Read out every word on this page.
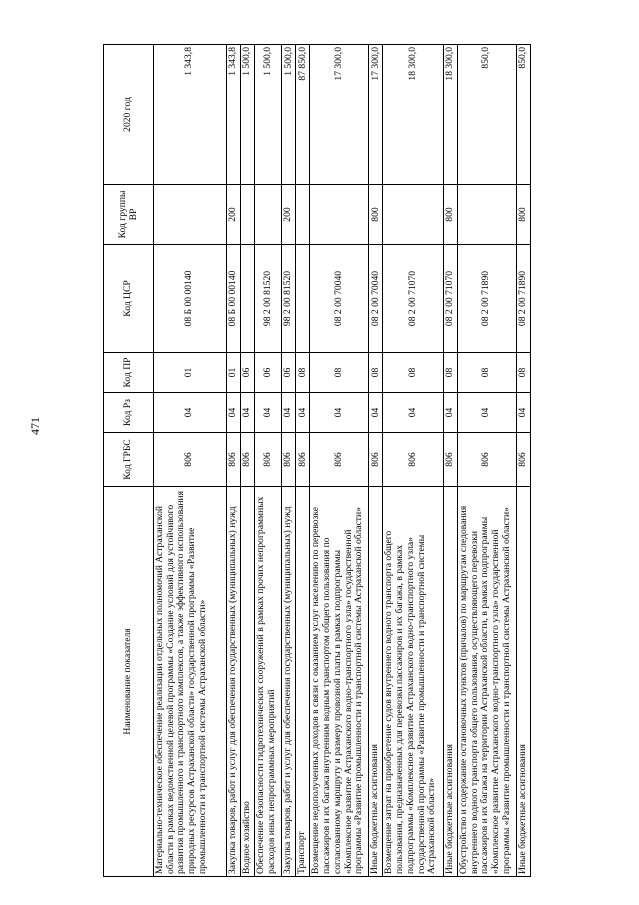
471
Наименование показателя	Код ГРБС	Код Рз	Код ПР	Код ЦСР	Код группы ВР	2020 год
Материально-техническое обеспечение реализации отдельных полномочий Астраханской области в рамках ведомственной целевой программы «Создание условий для устойчивого развития промышленного и транспортного комплексов, а также эффективного использования природных ресурсов Астраханской области» государственной программы «Развитие промышленности и транспортной системы Астраханской области»	806	04	01	08 Б 00 00140		1 343,8
Закупка товаров, работ и услуг для обеспечения государственных (муниципальных) нужд	806	04	01	08 Б 00 00140	200	1 343,8
Водное хозяйство	806	04	06			1 500,0
Обеспечение безопасности гидротехнических сооружений в рамках прочих непрограммных расходов иных непрограммных мероприятий	806	04	06	98 2 00 81520		1 500,0
Закупка товаров, работ и услуг для обеспечения государственных (муниципальных) нужд	806	04	06	98 2 00 81520	200	1 500,0
Транспорт	806	04	08			87 850,0
Возмещение недополученных доходов в связи с оказанием услуг населению по перевозке пассажиров и их багажа внутренним водным транспортом общего пользования по согласованному маршруту и размеру провозной платы в рамках подпрограммы «Комплексное развитие Астраханского водно-транспортного узла» государственной программы «Развитие промышленности и транспортной системы Астраханской области»	806	04	08	08 2 00 70040		17 300,0
Иные бюджетные ассигнования	806	04	08	08 2 00 70040	800	17 300,0
Возмещение затрат на приобретение судов внутреннего водного транспорта общего пользования, предназначенных для перевозки пассажиров и их багажа, в рамках подпрограммы «Комплексное развитие Астраханского водно-транспортного узла» государственной программы «Развитие промышленности и транспортной системы Астраханской области»	806	04	08	08 2 00 71070		18 300,0
Иные бюджетные ассигнования	806	04	08	08 2 00 71070	800	18 300,0
Обустройство и содержание остановочных пунктов (причалов) по маршрутам следования внутреннего водного транспорта общего пользования, осуществляющего перевозки пассажиров и их багажа на территории Астраханской области, в рамках подпрограммы «Комплексное развитие Астраханского водно-транспортного узла» государственной программы «Развитие промышленности и транспортной системы Астраханской области»	806	04	08	08 2 00 71890		850,0
Иные бюджетные ассигнования	806	04	08	08 2 00 71890	800	850,0
